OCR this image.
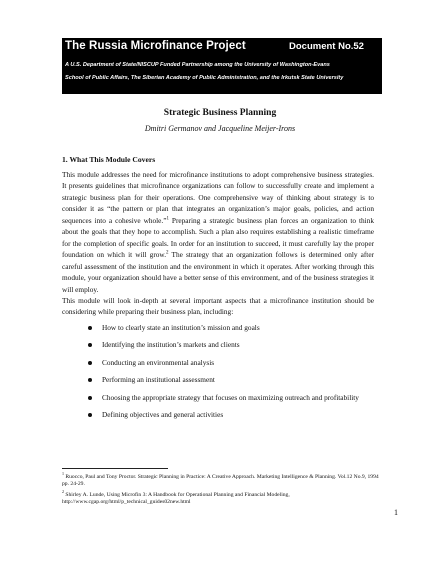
The Russia Microfinance Project	Document No.52
A U.S. Department of State/NISCUP Funded Partnership among the University of Washington-Evans
School of Public Affairs, The Siberian Academy of Public Administration, and the Irkutsk State University
Strategic Business Planning
Dmitri Germanov and Jacqueline Meijer-Irons
1. What This Module Covers

This module addresses the need for microfinance institutions to adopt comprehensive business strategies. It presents guidelines that microfinance organizations can follow to successfully create and implement a strategic business plan for their operations. One comprehensive way of thinking about strategy is to consider it as “the pattern or plan that integrates an organization’s major goals, policies, and action sequences into a cohesive whole.”$^1$ Preparing a strategic business plan forces an organization to think about the goals that they hope to accomplish. Such a plan also requires establishing a realistic timeframe for the completion of specific goals. In order for an institution to succeed, it must carefully lay the proper foundation on which it will grow.$^2$ The strategy that an organization follows is determined only after careful assessment of the institution and the environment in which it operates. After working through this module, your organization should have a better sense of this environment, and of the business strategies it will employ.

This module will look in-depth at several important aspects that a microfinance institution should be considering while preparing their business plan, including:

How to clearly state an institution’s mission and goals
Identifying the institution’s markets and clients
Conducting an environmental analysis
Performing an institutional assessment
Choosing the appropriate strategy that focuses on maximizing outreach and profitability
Defining objectives and general activities
$^1$ Ruocco, Paul and Tony Proctor. Strategic Planning in Practice: A Creative Approach. Marketing Intelligence & Planning. Vol.12 No.9, 1994 pp. 24-29.
$^2$ Shirley A. Lunde, Using Microfin 3: A Handbook for Operational Planning and Financial Modeling,
http://www.cgap.org/html/p_technical_guides02new.html
1
